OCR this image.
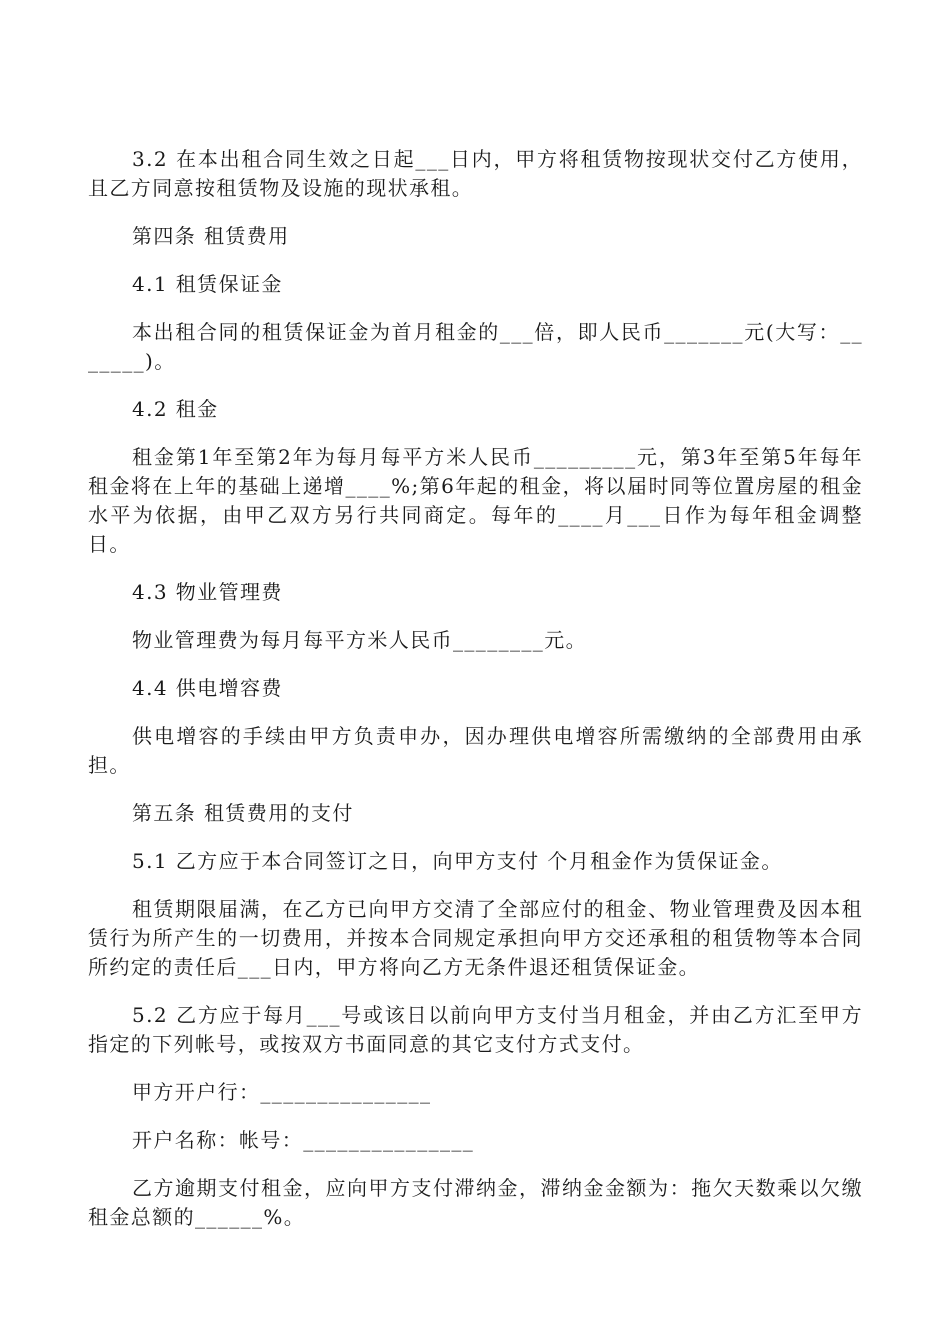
3.2 在本出租合同生效之日起___日内，甲方将租赁物按现状交付乙方使用，且乙方同意按租赁物及设施的现状承租。

第四条 租赁费用

4.1 租赁保证金

本出租合同的租赁保证金为首月租金的___倍，即人民币_______元(大写：_______)。

4.2 租金

租金第1年至第2年为每月每平方米人民币_________元，第3年至第5年每年租金将在上年的基础上递增____%;第6年起的租金，将以届时同等位置房屋的租金水平为依据，由甲乙双方另行共同商定。每年的____月___日作为每年租金调整日。

4.3 物业管理费

物业管理费为每月每平方米人民币________元。

4.4 供电增容费

供电增容的手续由甲方负责申办，因办理供电增容所需缴纳的全部费用由承担。

第五条 租赁费用的支付

5.1 乙方应于本合同签订之日，向甲方支付 个月租金作为赁保证金。

租赁期限届满，在乙方已向甲方交清了全部应付的租金、物业管理费及因本租赁行为所产生的一切费用，并按本合同规定承担向甲方交还承租的租赁物等本合同所约定的责任后___日内，甲方将向乙方无条件退还租赁保证金。

5.2 乙方应于每月___号或该日以前向甲方支付当月租金，并由乙方汇至甲方指定的下列帐号，或按双方书面同意的其它支付方式支付。

甲方开户行：_______________

开户名称：帐号：_______________

乙方逾期支付租金，应向甲方支付滞纳金，滞纳金金额为：拖欠天数乘以欠缴租金总额的______%。
